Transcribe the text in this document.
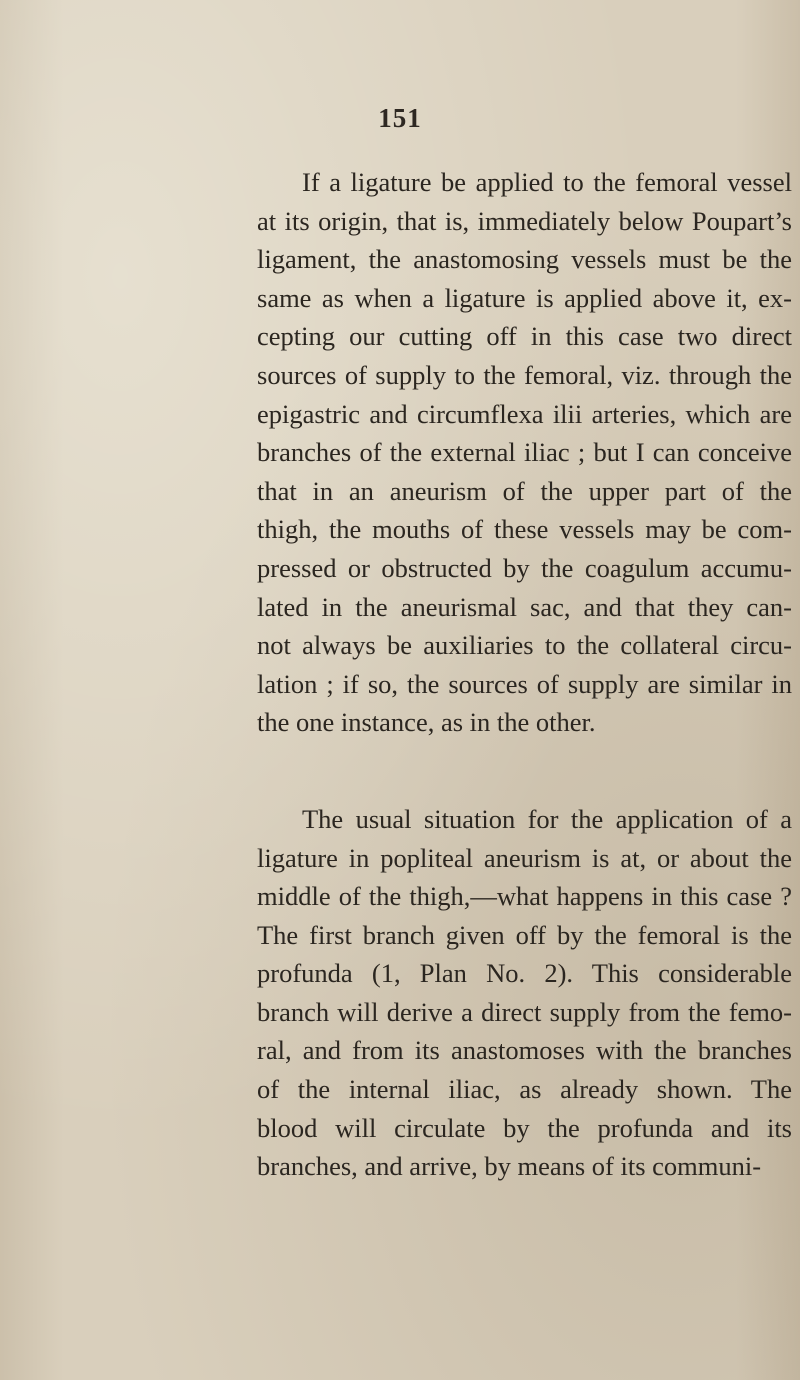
151
If a ligature be applied to the femoral vessel
at its origin, that is, immediately below Poupart’s
ligament, the anastomosing vessels must be the
same as when a ligature is applied above it, ex-
cepting our cutting off in this case two direct
sources of supply to the femoral, viz. through the
epigastric and circumflexa ilii arteries, which are
branches of the external iliac ; but I can conceive
that in an aneurism of the upper part of the
thigh, the mouths of these vessels may be com-
pressed or obstructed by the coagulum accumu-
lated in the aneurismal sac, and that they can-
not always be auxiliaries to the collateral circu-
lation ; if so, the sources of supply are similar in
the one instance, as in the other.
The usual situation for the application of a
ligature in popliteal aneurism is at, or about the
middle of the thigh,—what happens in this case ?
The first branch given off by the femoral is the
profunda (1, Plan No. 2). This considerable
branch will derive a direct supply from the femo-
ral, and from its anastomoses with the branches
of the internal iliac, as already shown. The
blood will circulate by the profunda and its
branches, and arrive, by means of its communi-
